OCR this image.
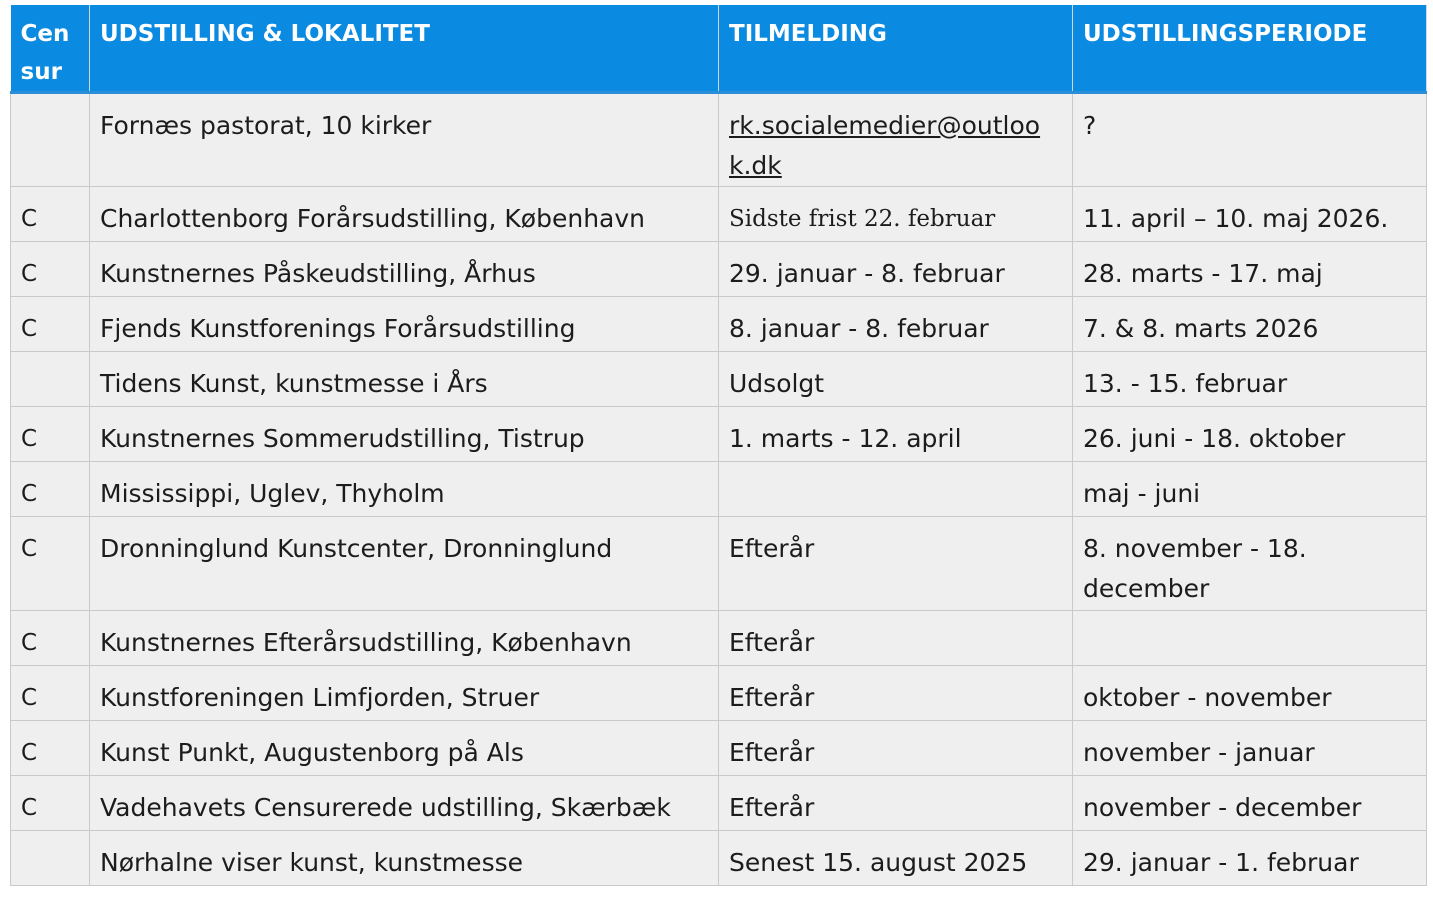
Cen sur	UDSTILLING & LOKALITET	TILMELDING	UDSTILLINGSPERIODE
	Fornæs pastorat, 10 kirker	rk.socialemedier@outlook.dk	?
C	Charlottenborg Forårsudstilling, København	Sidste frist 22. februar	11. april – 10. maj 2026.
C	Kunstnernes Påskeudstilling, Århus	29. januar - 8. februar	28. marts - 17. maj
C	Fjends Kunstforenings Forårsudstilling	8. januar - 8. februar	7. & 8. marts 2026
	Tidens Kunst, kunstmesse i Års	Udsolgt	13. - 15. februar
C	Kunstnernes Sommerudstilling, Tistrup	1. marts - 12. april	26. juni - 18. oktober
C	Mississippi, Uglev, Thyholm		maj - juni
C	Dronninglund Kunstcenter, Dronninglund	Efterår	8. november - 18. december
C	Kunstnernes Efterårsudstilling, København	Efterår	
C	Kunstforeningen Limfjorden, Struer	Efterår	oktober - november
C	Kunst Punkt, Augustenborg på Als	Efterår	november - januar
C	Vadehavets Censurerede udstilling, Skærbæk	Efterår	november - december
	Nørhalne viser kunst, kunstmesse	Senest 15. august 2025	29. januar - 1. februar
